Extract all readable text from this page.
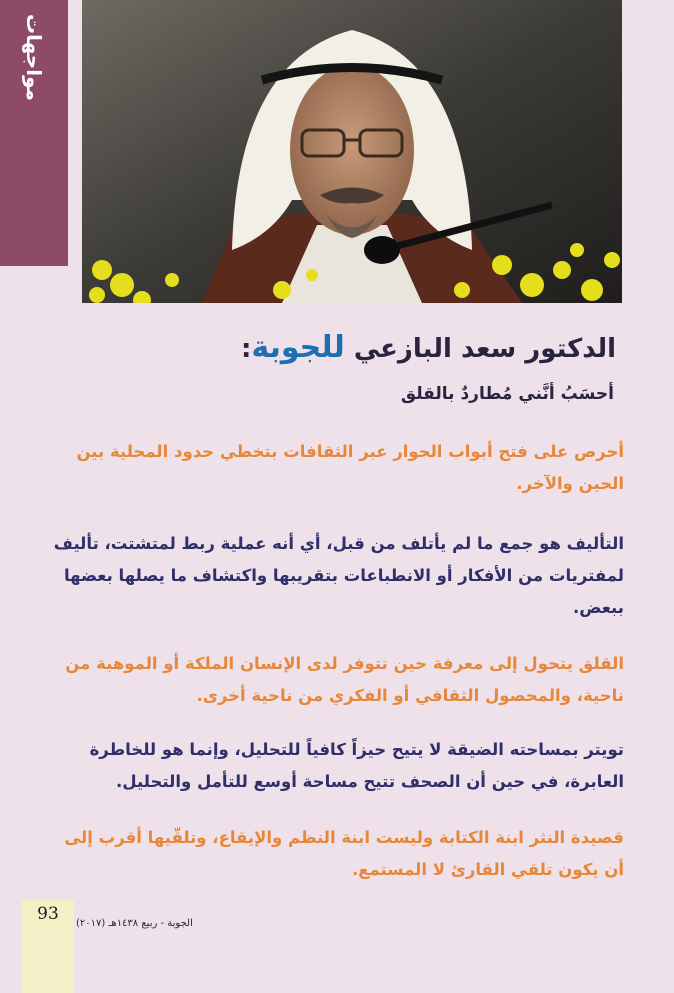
مواجهات
الدكتور سعد البازعي للجوبة:
أحسَبُ أنَّني مُطاردٌ بالقلق
أحرص على فتح أبواب الحوار عبر الثقافات بتخطي حدود المحلية بين الحين والآخر.
التأليف هو جمع ما لم يأتلف من قبل، أي أنه عملية ربط لمتشتت، تأليف لمفتريات من الأفكار أو الانطباعات بتقريبها واكتشاف ما يصلها بعضها ببعض.
القلق يتحول إلى معرفة حين تتوفر لدى الإنسان الملكة أو الموهبة من ناحية، والمحصول الثقافي أو الفكري من ناحية أخرى.
تويتر بمساحته الضيقة لا يتيح حيزاً كافياً للتحليل، وإنما هو للخاطرة العابرة، في حين أن الصحف تتيح مساحة أوسع للتأمل والتحليل.
قصيدة النثر ابنة الكتابة وليست ابنة النظم والإيقاع، وتلقّيها أقرب إلى أن يكون تلقي القارئ لا المستمع.
93	الجوبة - ربيع ١٤٣٨هـ (٢٠١٧)
